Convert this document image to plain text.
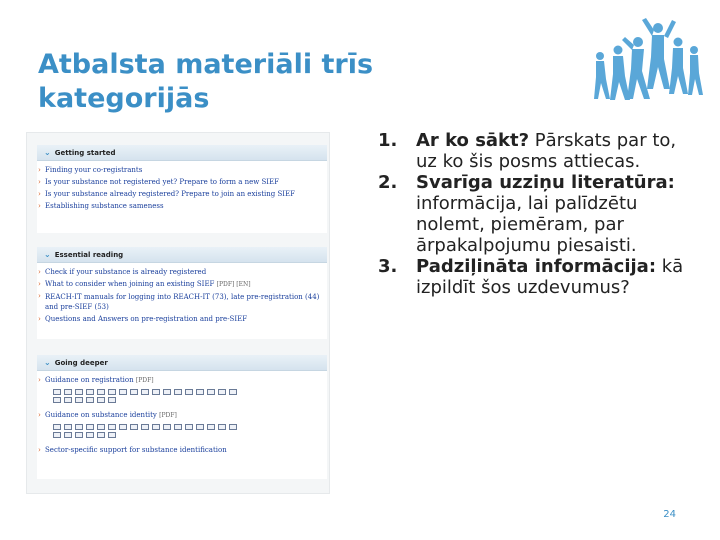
Atbalsta materiāli trīs kategorijās
⌄ Getting started
› Finding your co-registrants
› Is your substance not registered yet? Prepare to form a new SIEF
› Is your substance already registered? Prepare to join an existing SIEF
› Establishing substance sameness
⌄ Essential reading
› Check if your substance is already registered
› What to consider when joining an existing SIEF [PDF] [EN]
› REACH-IT manuals for logging into REACH-IT (73), late pre-registration (44) and pre-SIEF (53)
› Questions and Answers on pre-registration and pre-SIEF
⌄ Going deeper
› Guidance on registration [PDF]
› Guidance on substance identity [PDF]
› Sector-specific support for substance identification
1. Ar ko sākt? Pārskats par to, uz ko šis posms attiecas.
2. Svarīga uzziņu literatūra: informācija, lai palīdzētu nolemt, piemēram, par ārpakalpojumu piesaisti.
3. Padziļināta informācija: kā izpildīt šos uzdevumus?
24
